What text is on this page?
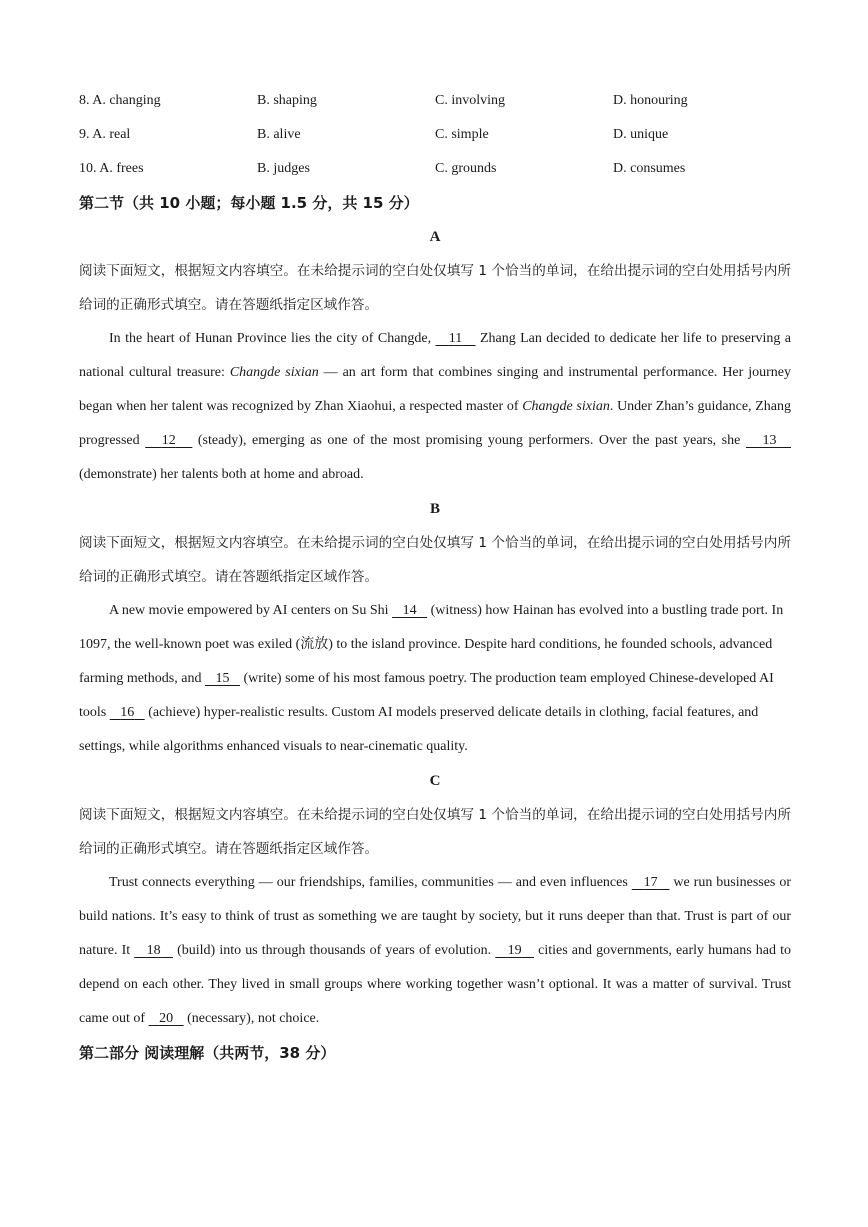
8. A. changing	B. shaping	C. involving	D. honouring
9. A. real	B. alive	C. simple	D. unique
10. A. frees	B. judges	C. grounds	D. consumes
第二节（共 10 小题；每小题 1.5 分，共 15 分）
A
阅读下面短文，根据短文内容填空。在未给提示词的空白处仅填写 1 个恰当的单词，在给出提示词的空白处用括号内所给词的正确形式填空。请在答题纸指定区域作答。
In the heart of Hunan Province lies the city of Changde,    11    Zhang Lan decided to dedicate her life to preserving a national cultural treasure: Changde sixian — an art form that combines singing and instrumental performance. Her journey began when her talent was recognized by Zhan Xiaohui, a respected master of Changde sixian. Under Zhan’s guidance, Zhang progressed    12    (steady), emerging as one of the most promising young performers. Over the past years, she    13    (demonstrate) her talents both at home and abroad.
B
阅读下面短文，根据短文内容填空。在未给提示词的空白处仅填写 1 个恰当的单词，在给出提示词的空白处用括号内所给词的正确形式填空。请在答题纸指定区域作答。
A new movie empowered by AI centers on Su Shi    14    (witness) how Hainan has evolved into a bustling trade port. In 1097, the well-known poet was exiled (流放) to the island province. Despite hard conditions, he founded schools, advanced farming methods, and    15    (write) some of his most famous poetry. The production team employed Chinese-developed AI tools    16    (achieve) hyper-realistic results. Custom AI models preserved delicate details in clothing, facial features, and settings, while algorithms enhanced visuals to near-cinematic quality.
C
阅读下面短文，根据短文内容填空。在未给提示词的空白处仅填写 1 个恰当的单词，在给出提示词的空白处用括号内所给词的正确形式填空。请在答题纸指定区域作答。
Trust connects everything — our friendships, families, communities — and even influences    17    we run businesses or build nations. It’s easy to think of trust as something we are taught by society, but it runs deeper than that. Trust is part of our nature. It    18    (build) into us through thousands of years of evolution.    19    cities and governments, early humans had to depend on each other. They lived in small groups where working together wasn’t optional. It was a matter of survival. Trust came out of    20    (necessary), not choice.
第二部分 阅读理解（共两节，38 分）
